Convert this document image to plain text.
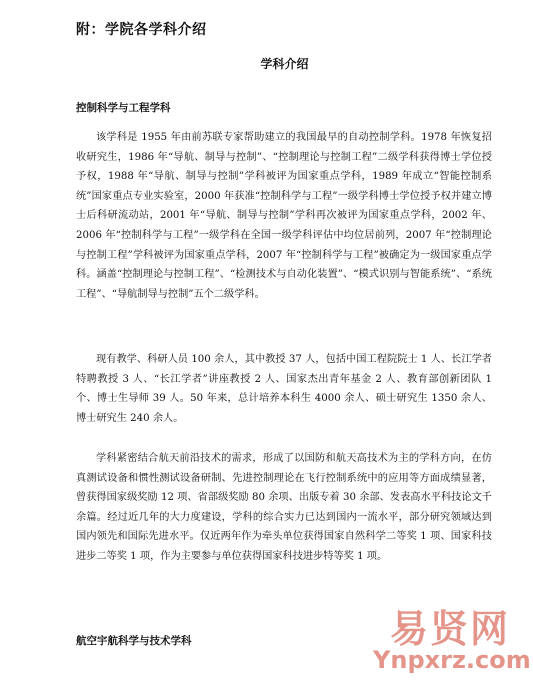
附：学院各学科介绍
学科介绍
控制科学与工程学科

该学科是 1955 年由前苏联专家帮助建立的我国最早的自动控制学科。1978 年恢复招收研究生，1986 年“导航、制导与控制”、“控制理论与控制工程”二级学科获得博士学位授予权，1988 年“导航、制导与控制”学科被评为国家重点学科，1989 年成立“智能控制系统”国家重点专业实验室，2000 年获准“控制科学与工程”一级学科博士学位授予权并建立博士后科研流动站，2001 年“导航、制导与控制”学科再次被评为国家重点学科，2002 年、2006 年“控制科学与工程”一级学科在全国一级学科评估中均位居前列，2007 年“控制理论与控制工程”学科被评为国家重点学科，2007 年“控制科学与工程”被确定为一级国家重点学科。涵盖“控制理论与控制工程”、“检测技术与自动化装置”、“模式识别与智能系统”、“系统工程”、“导航制导与控制”五个二级学科。

现有教学、科研人员 100 余人，其中教授 37 人，包括中国工程院院士 1 人、长江学者特聘教授 3 人、“长江学者”讲座教授 2 人、国家杰出青年基金 2 人、教育部创新团队 1 个、博士生导师 39 人。50 年来，总计培养本科生 4000 余人、硕士研究生 1350 余人、博士研究生 240 余人。

学科紧密结合航天前沿技术的需求，形成了以国防和航天高技术为主的学科方向，在仿真测试设备和惯性测试设备研制、先进控制理论在飞行控制系统中的应用等方面成绩显著，曾获得国家级奖励 12 项、省部级奖励 80 余项、出版专着 30 余部、发表高水平科技论文千余篇。经过近几年的大力度建设，学科的综合实力已达到国内一流水平，部分研究领域达到国内领先和国际先进水平。仅近两年作为牵头单位获得国家自然科学二等奖 1 项、国家科技进步二等奖 1 项，作为主要参与单位获得国家科技进步特等奖 1 项。

航空宇航科学与技术学科	易贤网
Ynpxrz.com
